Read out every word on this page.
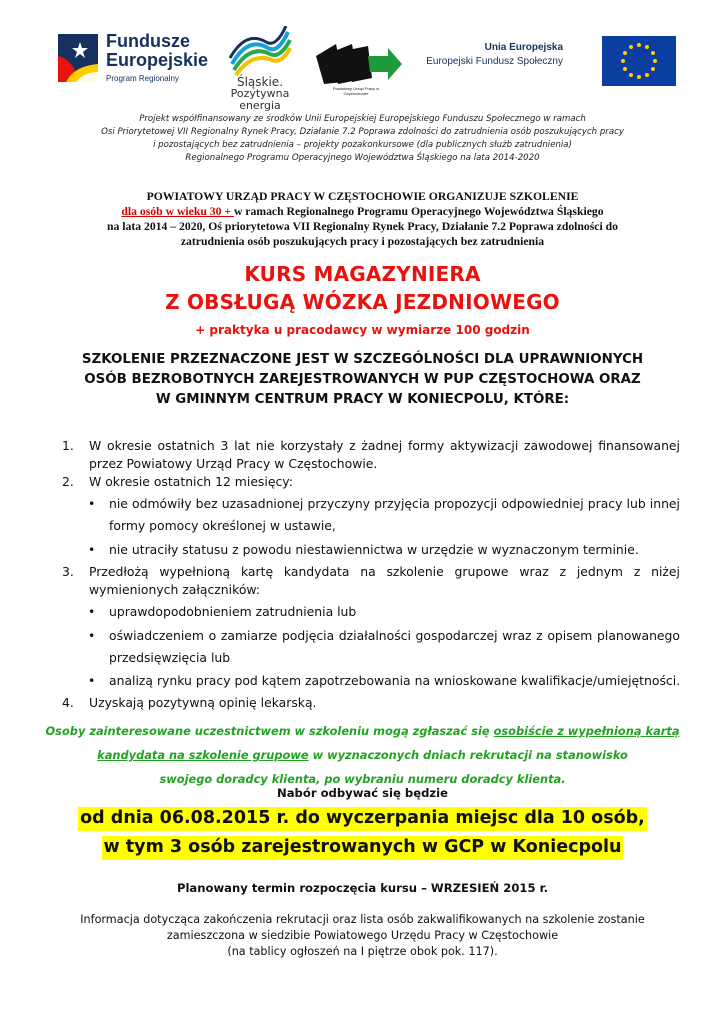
Fundusze
Europejskie
Program Regionalny	Śląskie.
Pozytywna energia
Powiatowy Urząd Pracy w Częstochowie
Unia Europejska
Europejski Fundusz Społeczny
Projekt współfinansowany ze środków Unii Europejskiej Europejskiego Funduszu Społecznego w ramach
Osi Priorytetowej VII Regionalny Rynek Pracy, Działanie 7.2 Poprawa zdolności do zatrudnienia osób poszukujących pracy
i pozostających bez zatrudnienia – projekty pozakonkursowe (dla publicznych służb zatrudnienia)
Regionalnego Programu Operacyjnego Województwa Śląskiego na lata 2014-2020
POWIATOWY URZĄD PRACY W CZĘSTOCHOWIE ORGANIZUJE SZKOLENIE
dla osób w wieku 30 + w ramach Regionalnego Programu Operacyjnego Województwa Śląskiego
na lata 2014 – 2020, Oś priorytetowa VII Regionalny Rynek Pracy, Działanie 7.2 Poprawa zdolności do
zatrudnienia osób poszukujących pracy i pozostających bez zatrudnienia
KURS MAGAZYNIERA
Z OBSŁUGĄ WÓZKA JEZDNIOWEGO
+ praktyka u pracodawcy w wymiarze 100 godzin
SZKOLENIE PRZEZNACZONE JEST W SZCZEGÓLNOŚCI DLA UPRAWNIONYCH
OSÓB BEZROBOTNYCH ZAREJESTROWANYCH W PUP CZĘSTOCHOWA ORAZ
W GMINNYM CENTRUM PRACY W KONIECPOLU, KTÓRE:
1. W okresie ostatnich 3 lat nie korzystały z żadnej formy aktywizacji zawodowej finansowanej
przez Powiatowy Urząd Pracy w Częstochowie.
2. W okresie ostatnich 12 miesięcy:
• nie odmówiły bez uzasadnionej przyczyny przyjęcia propozycji odpowiedniej pracy lub innej
formy pomocy określonej w ustawie,
• nie utraciły statusu z powodu niestawiennictwa w urzędzie w wyznaczonym terminie.
3. Przedłożą wypełnioną kartę kandydata na szkolenie grupowe wraz z jednym z niżej
wymienionych załączników:
• uprawdopodobnieniem zatrudnienia lub
• oświadczeniem o zamiarze podjęcia działalności gospodarczej wraz z opisem planowanego
przedsięwzięcia lub
• analizą rynku pracy pod kątem zapotrzebowania na wnioskowane kwalifikacje/umiejętności.
4. Uzyskają pozytywną opinię lekarską.
Osoby zainteresowane uczestnictwem w szkoleniu mogą zgłaszać się osobiście z wypełnioną kartą
kandydata na szkolenie grupowe w wyznaczonych dniach rekrutacji na stanowisko
swojego doradcy klienta, po wybraniu numeru doradcy klienta.
Nabór odbywać się będzie
od dnia 06.08.2015 r. do wyczerpania miejsc dla 10 osób,
w tym 3 osób zarejestrowanych w GCP w Koniecpolu
Planowany termin rozpoczęcia kursu – WRZESIEŃ 2015 r.
Informacja dotycząca zakończenia rekrutacji oraz lista osób zakwalifikowanych na szkolenie zostanie
zamieszczona w siedzibie Powiatowego Urzędu Pracy w Częstochowie
(na tablicy ogłoszeń na I piętrze obok pok. 117).
